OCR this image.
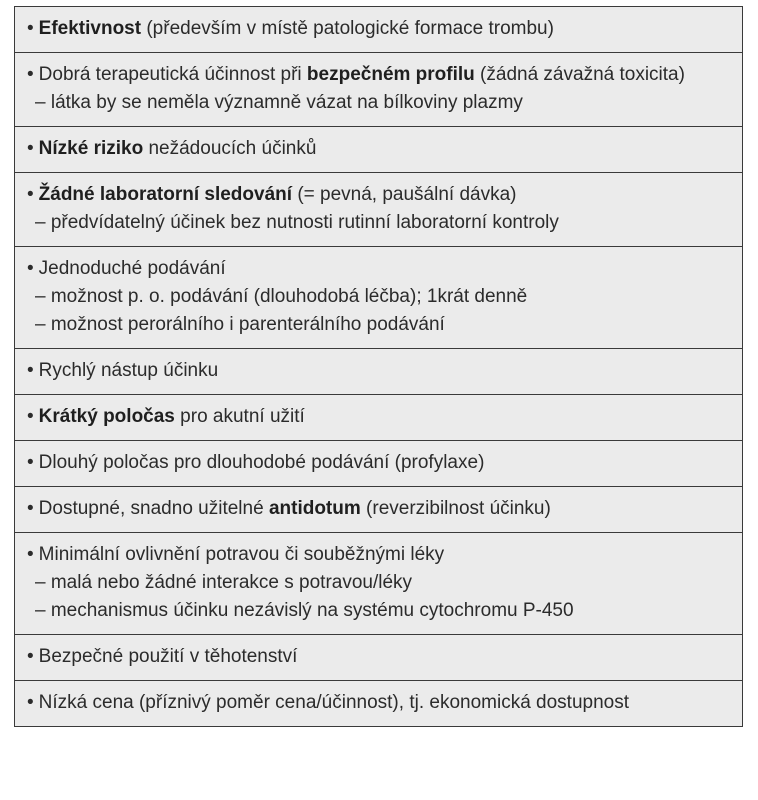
• Efektivnost (především v místě patologické formace trombu)
• Dobrá terapeutická účinnost při bezpečném profilu (žádná závažná toxicita)
– látka by se neměla významně vázat na bílkoviny plazmy
• Nízké riziko nežádoucích účinků
• Žádné laboratorní sledování (= pevná, paušální dávka)
– předvídatelný účinek bez nutnosti rutinní laboratorní kontroly
• Jednoduché podávání
– možnost p. o. podávání (dlouhodobá léčba); 1krát denně
– možnost perorálního i parenterálního podávání
• Rychlý nástup účinku
• Krátký poločas pro akutní užití
• Dlouhý poločas pro dlouhodobé podávání (profylaxe)
• Dostupné, snadno užitelné antidotum (reverzibilnost účinku)
• Minimální ovlivnění potravou či souběžnými léky
– malá nebo žádné interakce s potravou/léky
– mechanismus účinku nezávislý na systému cytochromu P-450
• Bezpečné použití v těhotenství
• Nízká cena (příznivý poměr cena/účinnost), tj. ekonomická dostupnost
